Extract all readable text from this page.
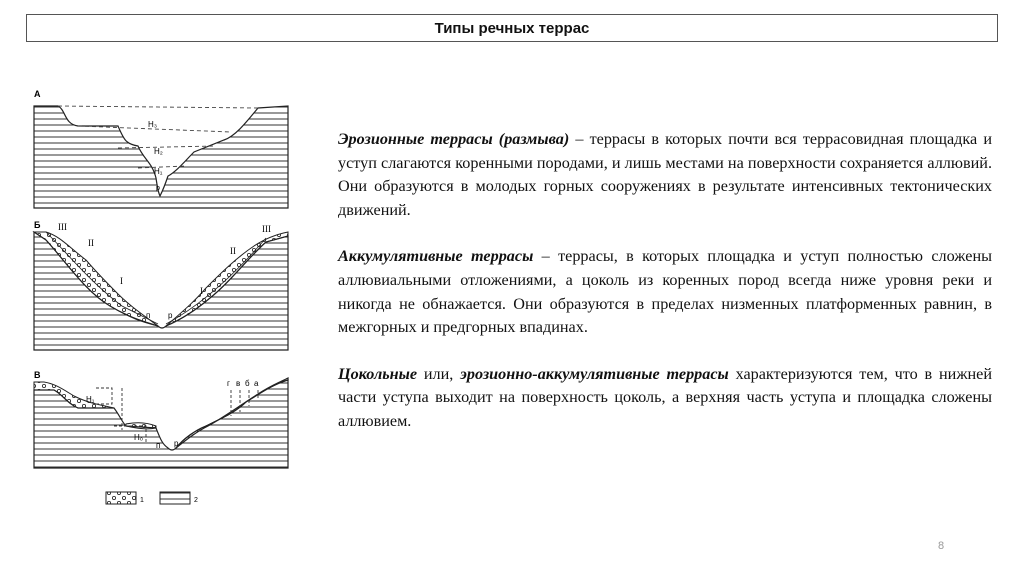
Типы речных террас
А
H₃
H₂
H₁
р
Б III
II
I
п р
I
II
III
В
H₁
H₀
п р
г в б а
1	2

Эрозионные террасы (размыва) – террасы в которых почти вся террасовидная площадка и уступ слагаются коренными породами, и лишь местами на поверхности сохраняется аллювий. Они образуются в молодых горных сооружениях в результате интенсивных тектонических движений.

Аккумулятивные террасы – террасы, в которых площадка и уступ полностью сложены аллювиальными отложениями, а цоколь из коренных пород всегда ниже уровня реки и никогда не обнажается. Они образуются в пределах низменных платформенных равнин, в межгорных и предгорных впадинах.

Цокольные или, эрозионно-аккумулятивные террасы характеризуются тем, что в нижней части уступа выходит на поверхность цоколь, а верхняя часть уступа и площадка сложены аллювием.

8
